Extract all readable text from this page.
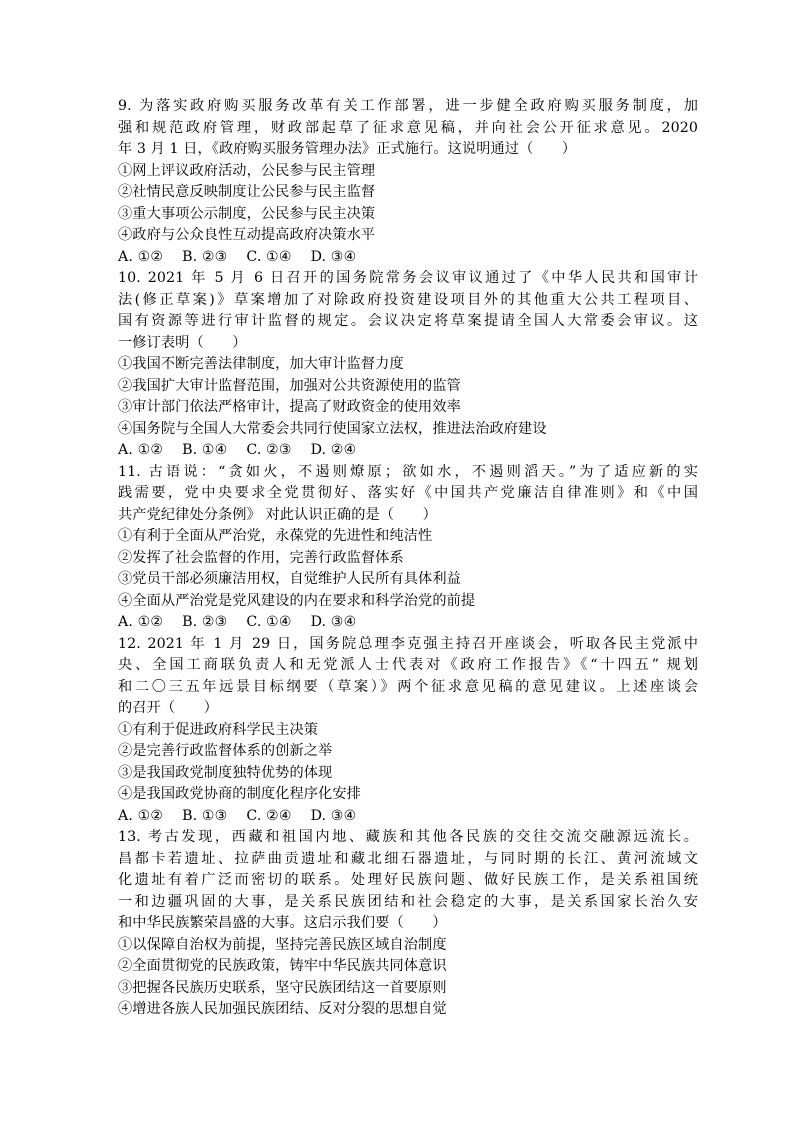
9. 为落实政府购买服务改革有关工作部署，进一步健全政府购买服务制度，加
强和规范政府管理，财政部起草了征求意见稿，并向社会公开征求意见。2020
年 3 月 1 日，《政府购买服务管理办法》正式施行。这说明通过（　　）
①网上评议政府活动，公民参与民主管理
②社情民意反映制度让公民参与民主监督
③重大事项公示制度，公民参与民主决策
④政府与公众良性互动提高政府决策水平
A. ①②　 B. ②③　 C. ①④　 D. ③④
10. 2021 年 5 月 6 日召开的国务院常务会议审议通过了《中华人民共和国审计
法(修正草案)》草案增加了对除政府投资建设项目外的其他重大公共工程项目、
国有资源等进行审计监督的规定。会议决定将草案提请全国人大常委会审议。这
一修订表明（　　）
①我国不断完善法律制度，加大审计监督力度
②我国扩大审计监督范围，加强对公共资源使用的监管
③审计部门依法严格审计，提高了财政资金的使用效率
④国务院与全国人大常委会共同行使国家立法权，推进法治政府建设
A. ①②　 B. ①④　 C. ②③　 D. ②④
11. 古语说：“贪如火，不遏则燎原；欲如水，不遏则滔天。”为了适应新的实
践需要，党中央要求全党贯彻好、落实好《中国共产党廉洁自律准则》和《中国
共产党纪律处分条例》 对此认识正确的是（　　）
①有利于全面从严治党，永葆党的先进性和纯洁性
②发挥了社会监督的作用，完善行政监督体系
③党员干部必须廉洁用权，自觉维护人民所有具体利益
④全面从严治党是党风建设的内在要求和科学治党的前提
A. ①②　 B. ②③　 C. ①④　 D. ③④
12. 2021 年 1 月 29 日，国务院总理李克强主持召开座谈会，听取各民主党派中
央、全国工商联负责人和无党派人士代表对《政府工作报告》《“十四五” 规划
和二〇三五年远景目标纲要（草案）》两个征求意见稿的意见建议。上述座谈会
的召开（　　）
①有利于促进政府科学民主决策
②是完善行政监督体系的创新之举
③是我国政党制度独特优势的体现
④是我国政党协商的制度化程序化安排
A. ①②　 B. ①③　 C. ②④　 D. ③④
13. 考古发现，西藏和祖国内地、藏族和其他各民族的交往交流交融源远流长。
昌都卡若遗址、拉萨曲贡遗址和藏北细石器遗址，与同时期的长江、黄河流域文
化遗址有着广泛而密切的联系。处理好民族问题、做好民族工作，是关系祖国统
一和边疆巩固的大事，是关系民族团结和社会稳定的大事，是关系国家长治久安
和中华民族繁荣昌盛的大事。这启示我们要（　　）
①以保障自治权为前提，坚持完善民族区域自治制度
②全面贯彻党的民族政策，铸牢中华民族共同体意识
③把握各民族历史联系，坚守民族团结这一首要原则
④增进各族人民加强民族团结、反对分裂的思想自觉
